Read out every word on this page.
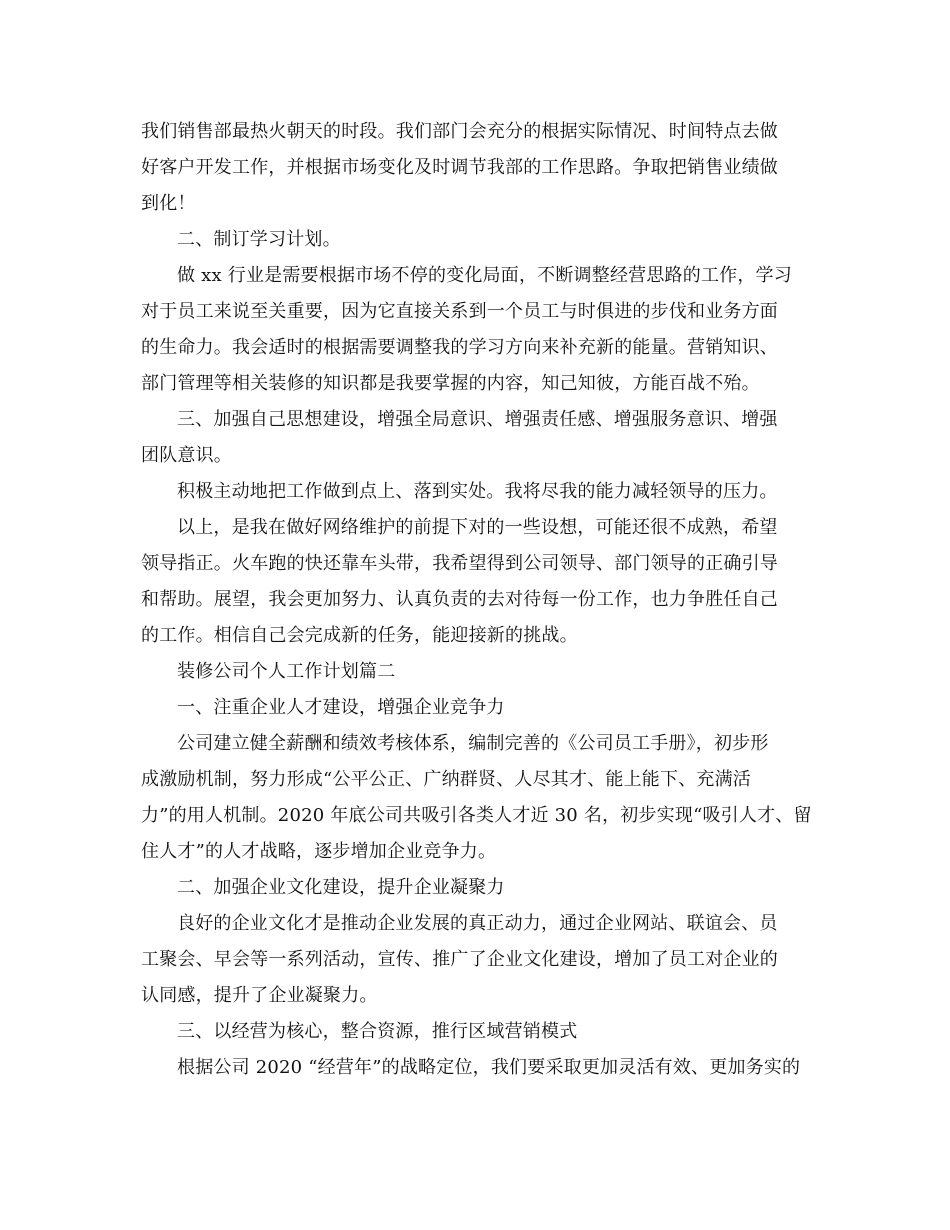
我们销售部最热火朝天的时段。我们部门会充分的根据实际情况、时间特点去做
好客户开发工作，并根据市场变化及时调节我部的工作思路。争取把销售业绩做
到化！
二、制订学习计划。
做 xx 行业是需要根据市场不停的变化局面，不断调整经营思路的工作，学习
对于员工来说至关重要，因为它直接关系到一个员工与时俱进的步伐和业务方面
的生命力。我会适时的根据需要调整我的学习方向来补充新的能量。营销知识、
部门管理等相关装修的知识都是我要掌握的内容，知己知彼，方能百战不殆。
三、加强自己思想建设，增强全局意识、增强责任感、增强服务意识、增强
团队意识。
积极主动地把工作做到点上、落到实处。我将尽我的能力减轻领导的压力。
以上，是我在做好网络维护的前提下对的一些设想，可能还很不成熟，希望
领导指正。火车跑的快还靠车头带，我希望得到公司领导、部门领导的正确引导
和帮助。展望，我会更加努力、认真负责的去对待每一份工作，也力争胜任自己
的工作。相信自己会完成新的任务，能迎接新的挑战。
装修公司个人工作计划篇二
一、注重企业人才建设，增强企业竞争力
公司建立健全薪酬和绩效考核体系，编制完善的《公司员工手册》，初步形
成激励机制，努力形成“公平公正、广纳群贤、人尽其才、能上能下、充满活
力”的用人机制。2020 年底公司共吸引各类人才近 30 名，初步实现“吸引人才、留
住人才”的人才战略，逐步增加企业竞争力。
二、加强企业文化建设，提升企业凝聚力
良好的企业文化才是推动企业发展的真正动力，通过企业网站、联谊会、员
工聚会、早会等一系列活动，宣传、推广了企业文化建设，增加了员工对企业的
认同感，提升了企业凝聚力。
三、以经营为核心，整合资源，推行区域营销模式
根据公司 2020 “经营年”的战略定位，我们要采取更加灵活有效、更加务实的
